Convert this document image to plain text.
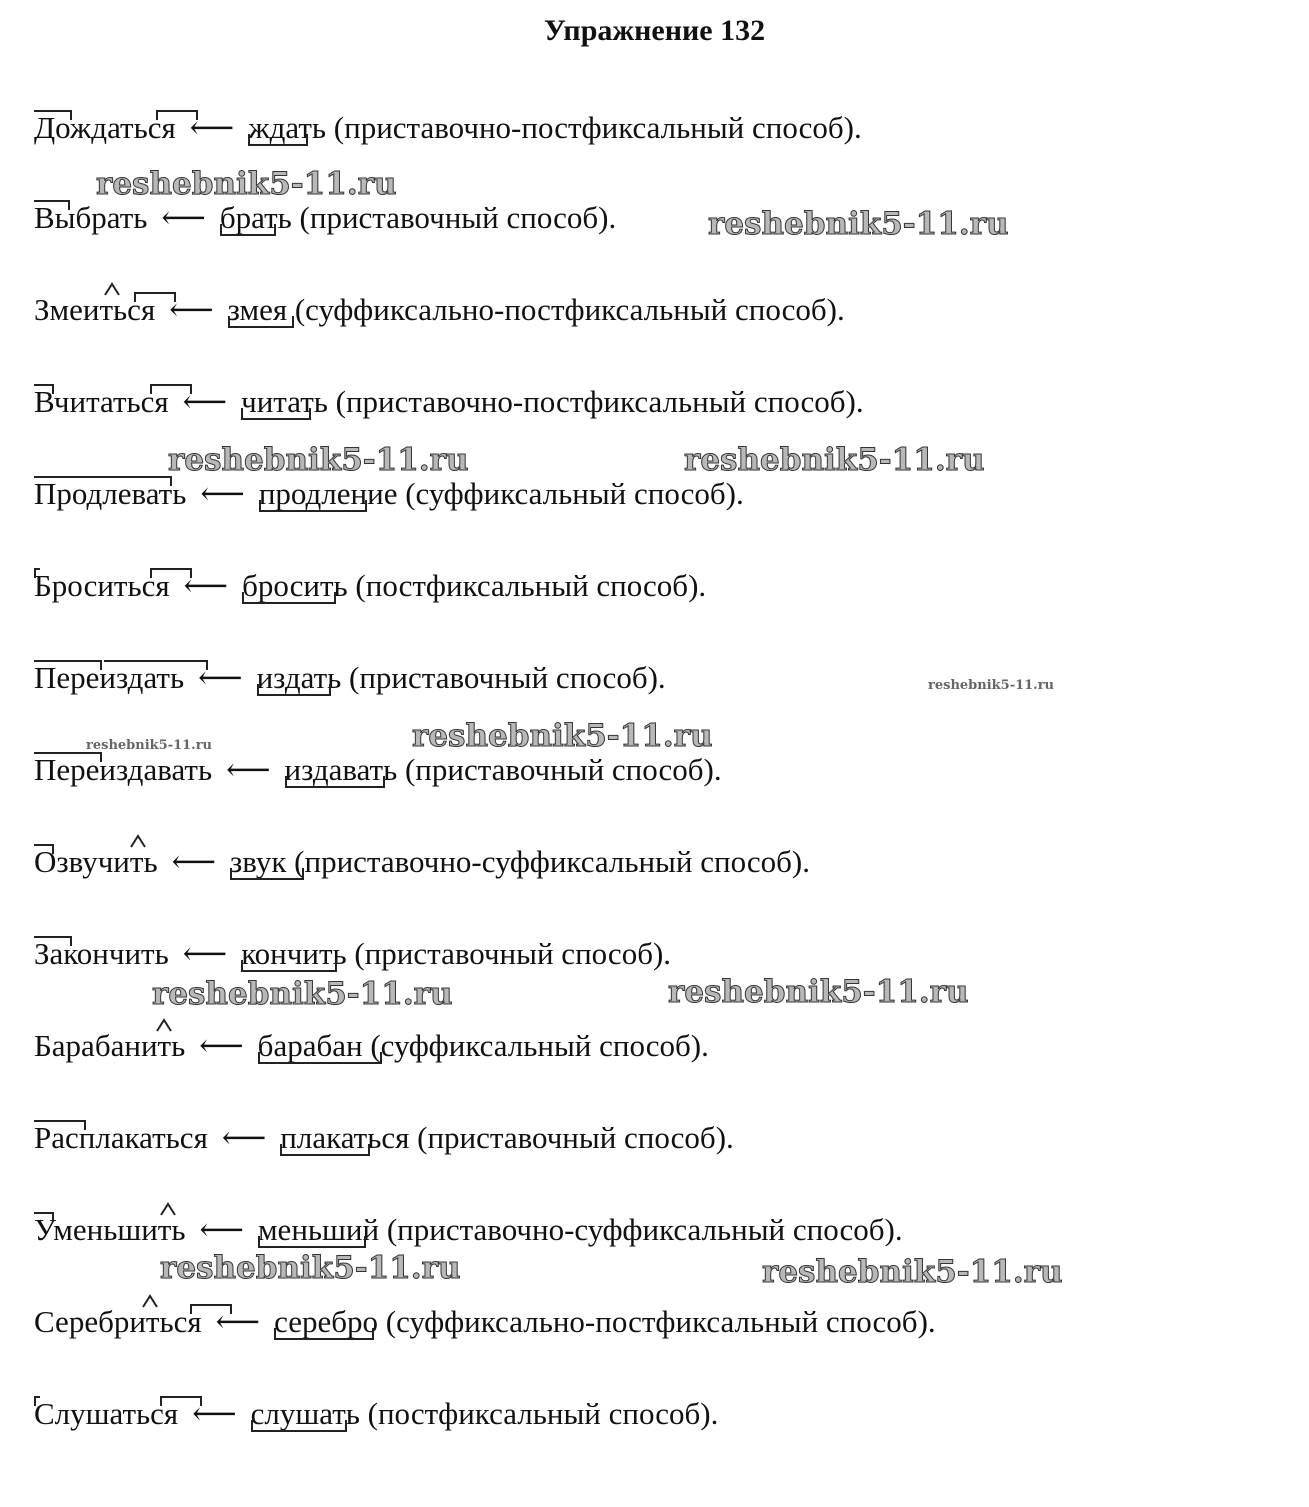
Упражнение 132
Дождаться ⟵ ждать
(приставочно-постфиксальный способ).
Выбрать ⟵ брать
(приставочный способ).
Змеиться ⟵ змея
(суффиксально-постфиксальный способ).
Вчитаться ⟵ читать
(приставочно-постфиксальный способ).
Продлевать ⟵ продление
(суффиксальный способ).
Броситься ⟵ бросить
(постфиксальный способ).
Переиздать ⟵ издать
(приставочный способ).
Переиздавать ⟵ издавать
(приставочный способ).
Озвучить ⟵ звук
(приставочно-суффиксальный способ).
Закончить ⟵ кончить
(приставочный способ).
Барабанить ⟵ барабан
(суффиксальный способ).
Расплакаться ⟵ плакаться
(приставочный способ).
Уменьшить ⟵ меньший
(приставочно-суффиксальный способ).
Серебриться ⟵ серебро
(суффиксально-постфиксальный способ).
Слушаться ⟵ слушать
(постфиксальный способ).
reshebnik5-11.ru
reshebnik5-11.ru
reshebnik5-11.ru	reshebnik5-11.ru
reshebnik5-11.ru
reshebnik5-11.ru	reshebnik5-11.ru
reshebnik5-11.ru	reshebnik5-11.ru
reshebnik5-11.ru	reshebnik5-11.ru
